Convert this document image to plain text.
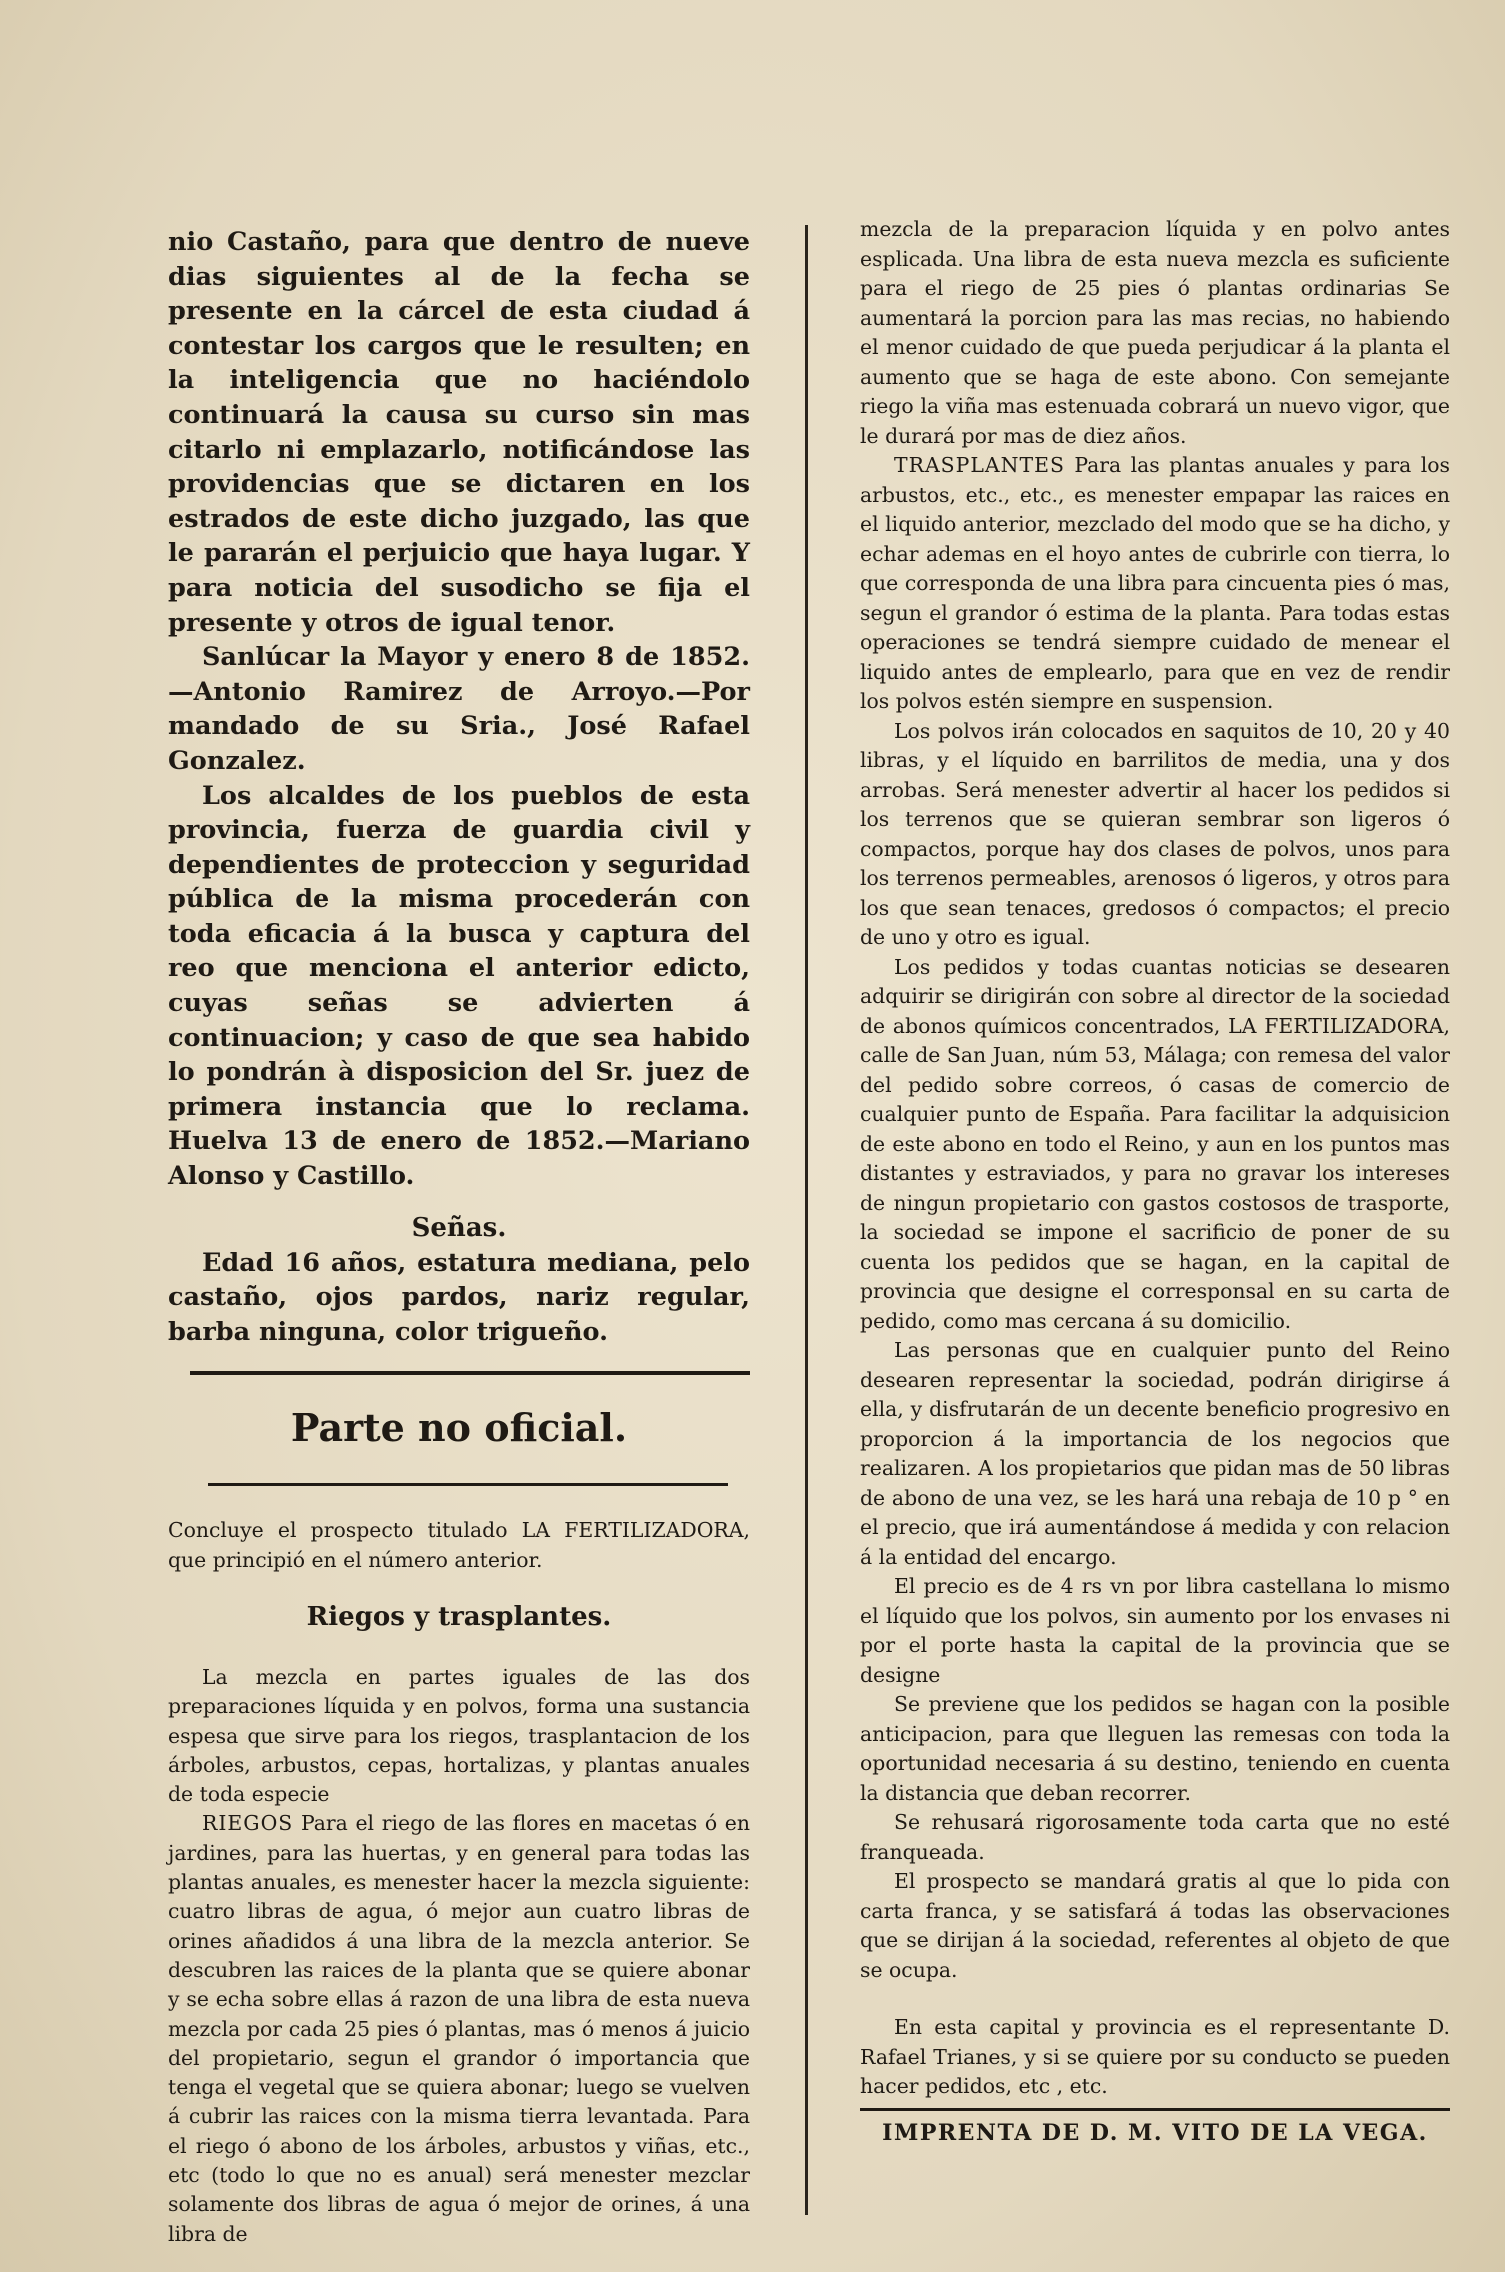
nio Castaño, para que dentro de nueve dias siguientes al de la fecha se presente en la cárcel de esta ciudad á contestar los cargos que le resulten; en la inteligencia que no haciéndolo continuará la causa su curso sin mas citarlo ni emplazarlo, notificándose las providencias que se dictaren en los estrados de este dicho juzgado, las que le pararán el perjuicio que haya lugar. Y para noticia del susodicho se fija el presente y otros de igual tenor.

Sanlúcar la Mayor y enero 8 de 1852. —Antonio Ramirez de Arroyo.—Por mandado de su Sria., José Rafael Gonzalez.

Los alcaldes de los pueblos de esta provincia, fuerza de guardia civil y dependientes de proteccion y seguridad pública de la misma procederán con toda eficacia á la busca y captura del reo que menciona el anterior edicto, cuyas señas se advierten á continuacion; y caso de que sea habido lo pondrán à disposicion del Sr. juez de primera instancia que lo reclama. Huelva 13 de enero de 1852.—Mariano Alonso y Castillo.

Señas.

Edad 16 años, estatura mediana, pelo castaño, ojos pardos, nariz regular, barba ninguna, color trigueño.

Parte no oficial.

Concluye el prospecto titulado LA FERTILIZADORA, que principió en el número anterior.

Riegos y trasplantes.

La mezcla en partes iguales de las dos preparaciones líquida y en polvos, forma una sustancia espesa que sirve para los riegos, trasplantacion de los árboles, arbustos, cepas, hortalizas, y plantas anuales de toda especie

RIEGOS Para el riego de las flores en macetas ó en jardines, para las huertas, y en general para todas las plantas anuales, es menester hacer la mezcla siguiente: cuatro libras de agua, ó mejor aun cuatro libras de orines añadidos á una libra de la mezcla anterior. Se descubren las raices de la planta que se quiere abonar y se echa sobre ellas á razon de una libra de esta nueva mezcla por cada 25 pies ó plantas, mas ó menos á juicio del propietario, segun el grandor ó importancia que tenga el vegetal que se quiera abonar; luego se vuelven á cubrir las raices con la misma tierra levantada. Para el riego ó abono de los árboles, arbustos y viñas, etc., etc (todo lo que no es anual) será menester mezclar solamente dos libras de agua ó mejor de orines, á una libra de

mezcla de la preparacion líquida y en polvo antes esplicada. Una libra de esta nueva mezcla es suficiente para el riego de 25 pies ó plantas ordinarias Se aumentará la porcion para las mas recias, no habiendo el menor cuidado de que pueda perjudicar á la planta el aumento que se haga de este abono. Con semejante riego la viña mas estenuada cobrará un nuevo vigor, que le durará por mas de diez años.

TRASPLANTES Para las plantas anuales y para los arbustos, etc., etc., es menester empapar las raices en el liquido anterior, mezclado del modo que se ha dicho, y echar ademas en el hoyo antes de cubrirle con tierra, lo que corresponda de una libra para cincuenta pies ó mas, segun el grandor ó estima de la planta. Para todas estas operaciones se tendrá siempre cuidado de menear el liquido antes de emplearlo, para que en vez de rendir los polvos estén siempre en suspension.

Los polvos irán colocados en saquitos de 10, 20 y 40 libras, y el líquido en barrilitos de media, una y dos arrobas. Será menester advertir al hacer los pedidos si los terrenos que se quieran sembrar son ligeros ó compactos, porque hay dos clases de polvos, unos para los terrenos permeables, arenosos ó ligeros, y otros para los que sean tenaces, gredosos ó compactos; el precio de uno y otro es igual.

Los pedidos y todas cuantas noticias se desearen adquirir se dirigirán con sobre al director de la sociedad de abonos químicos concentrados, LA FERTILIZADORA, calle de San Juan, núm 53, Málaga; con remesa del valor del pedido sobre correos, ó casas de comercio de cualquier punto de España. Para facilitar la adquisicion de este abono en todo el Reino, y aun en los puntos mas distantes y estraviados, y para no gravar los intereses de ningun propietario con gastos costosos de trasporte, la sociedad se impone el sacrificio de poner de su cuenta los pedidos que se hagan, en la capital de provincia que designe el corresponsal en su carta de pedido, como mas cercana á su domicilio.

Las personas que en cualquier punto del Reino desearen representar la sociedad, podrán dirigirse á ella, y disfrutarán de un decente beneficio progresivo en proporcion á la importancia de los negocios que realizaren. A los propietarios que pidan mas de 50 libras de abono de una vez, se les hará una rebaja de 10 p ° en el precio, que irá aumentándose á medida y con relacion á la entidad del encargo.

El precio es de 4 rs vn por libra castellana lo mismo el líquido que los polvos, sin aumento por los envases ni por el porte hasta la capital de la provincia que se designe

Se previene que los pedidos se hagan con la posible anticipacion, para que lleguen las remesas con toda la oportunidad necesaria á su destino, teniendo en cuenta la distancia que deban recorrer.

Se rehusará rigorosamente toda carta que no esté franqueada.

El prospecto se mandará gratis al que lo pida con carta franca, y se satisfará á todas las observaciones que se dirijan á la sociedad, referentes al objeto de que se ocupa.

En esta capital y provincia es el representante D. Rafael Trianes, y si se quiere por su conducto se pueden hacer pedidos, etc , etc.

IMPRENTA DE D. M. VITO DE LA VEGA.
